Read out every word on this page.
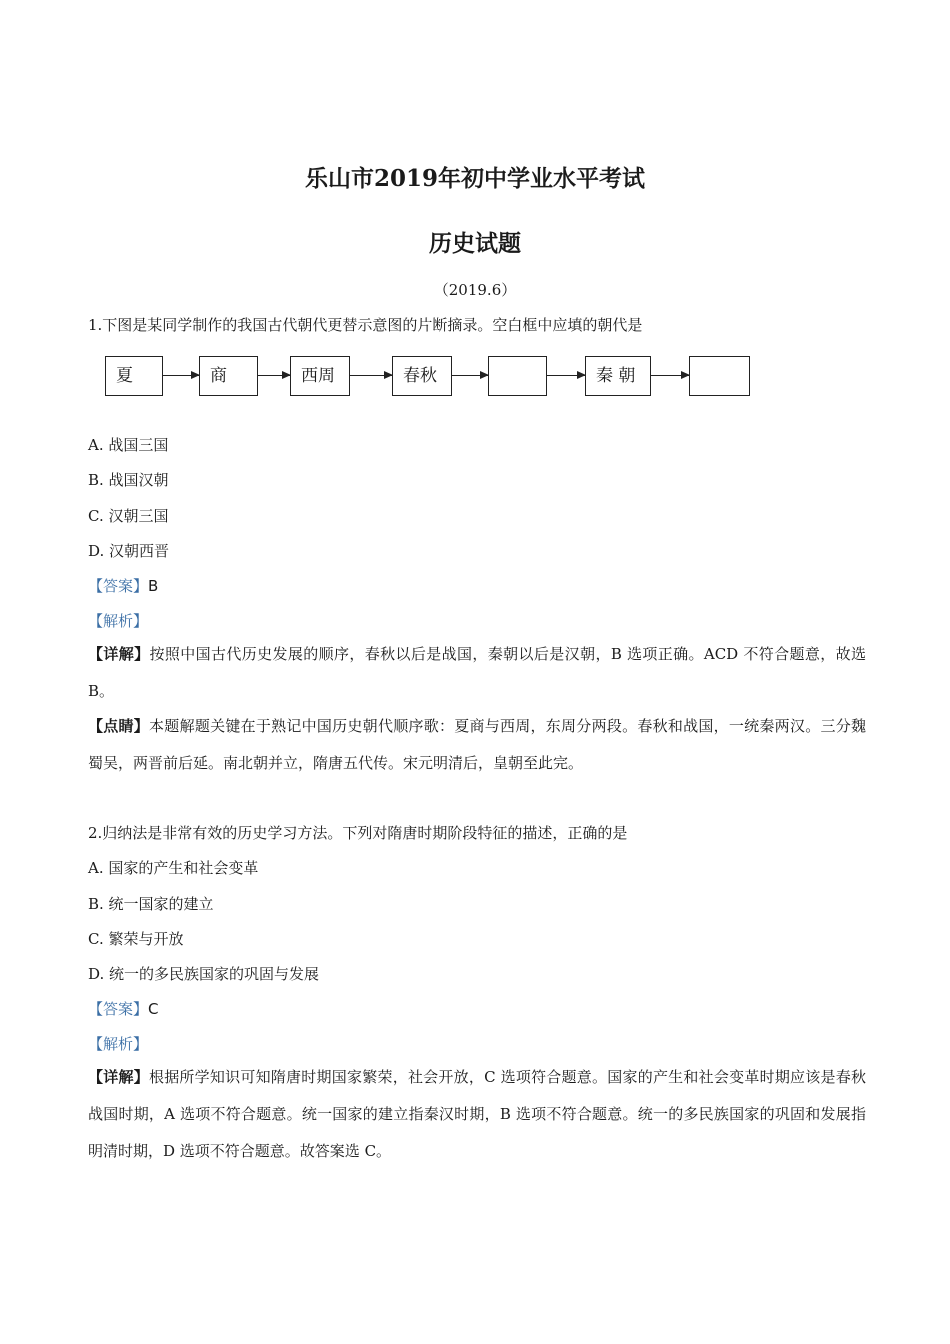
乐山市2019年初中学业水平考试
历史试题
（2019.6）
1.下图是某同学制作的我国古代朝代更替示意图的片断摘录。空白框中应填的朝代是
夏	商	西周	春秋	秦 朝
A. 战国三国
B. 战国汉朝
C. 汉朝三国
D. 汉朝西晋
【答案】B
【解析】
【详解】按照中国古代历史发展的顺序，春秋以后是战国，秦朝以后是汉朝，B 选项正确。ACD 不符合题意，故选 B。
【点睛】本题解题关键在于熟记中国历史朝代顺序歌：夏商与西周，东周分两段。春秋和战国，一统秦两汉。三分魏蜀吴，两晋前后延。南北朝并立，隋唐五代传。宋元明清后，皇朝至此完。
2.归纳法是非常有效的历史学习方法。下列对隋唐时期阶段特征的描述，正确的是
A. 国家的产生和社会变革
B. 统一国家的建立
C. 繁荣与开放
D. 统一的多民族国家的巩固与发展
【答案】C
【解析】
【详解】根据所学知识可知隋唐时期国家繁荣，社会开放，C 选项符合题意。国家的产生和社会变革时期应该是春秋战国时期，A 选项不符合题意。统一国家的建立指秦汉时期，B 选项不符合题意。统一的多民族国家的巩固和发展指明清时期，D 选项不符合题意。故答案选 C。
